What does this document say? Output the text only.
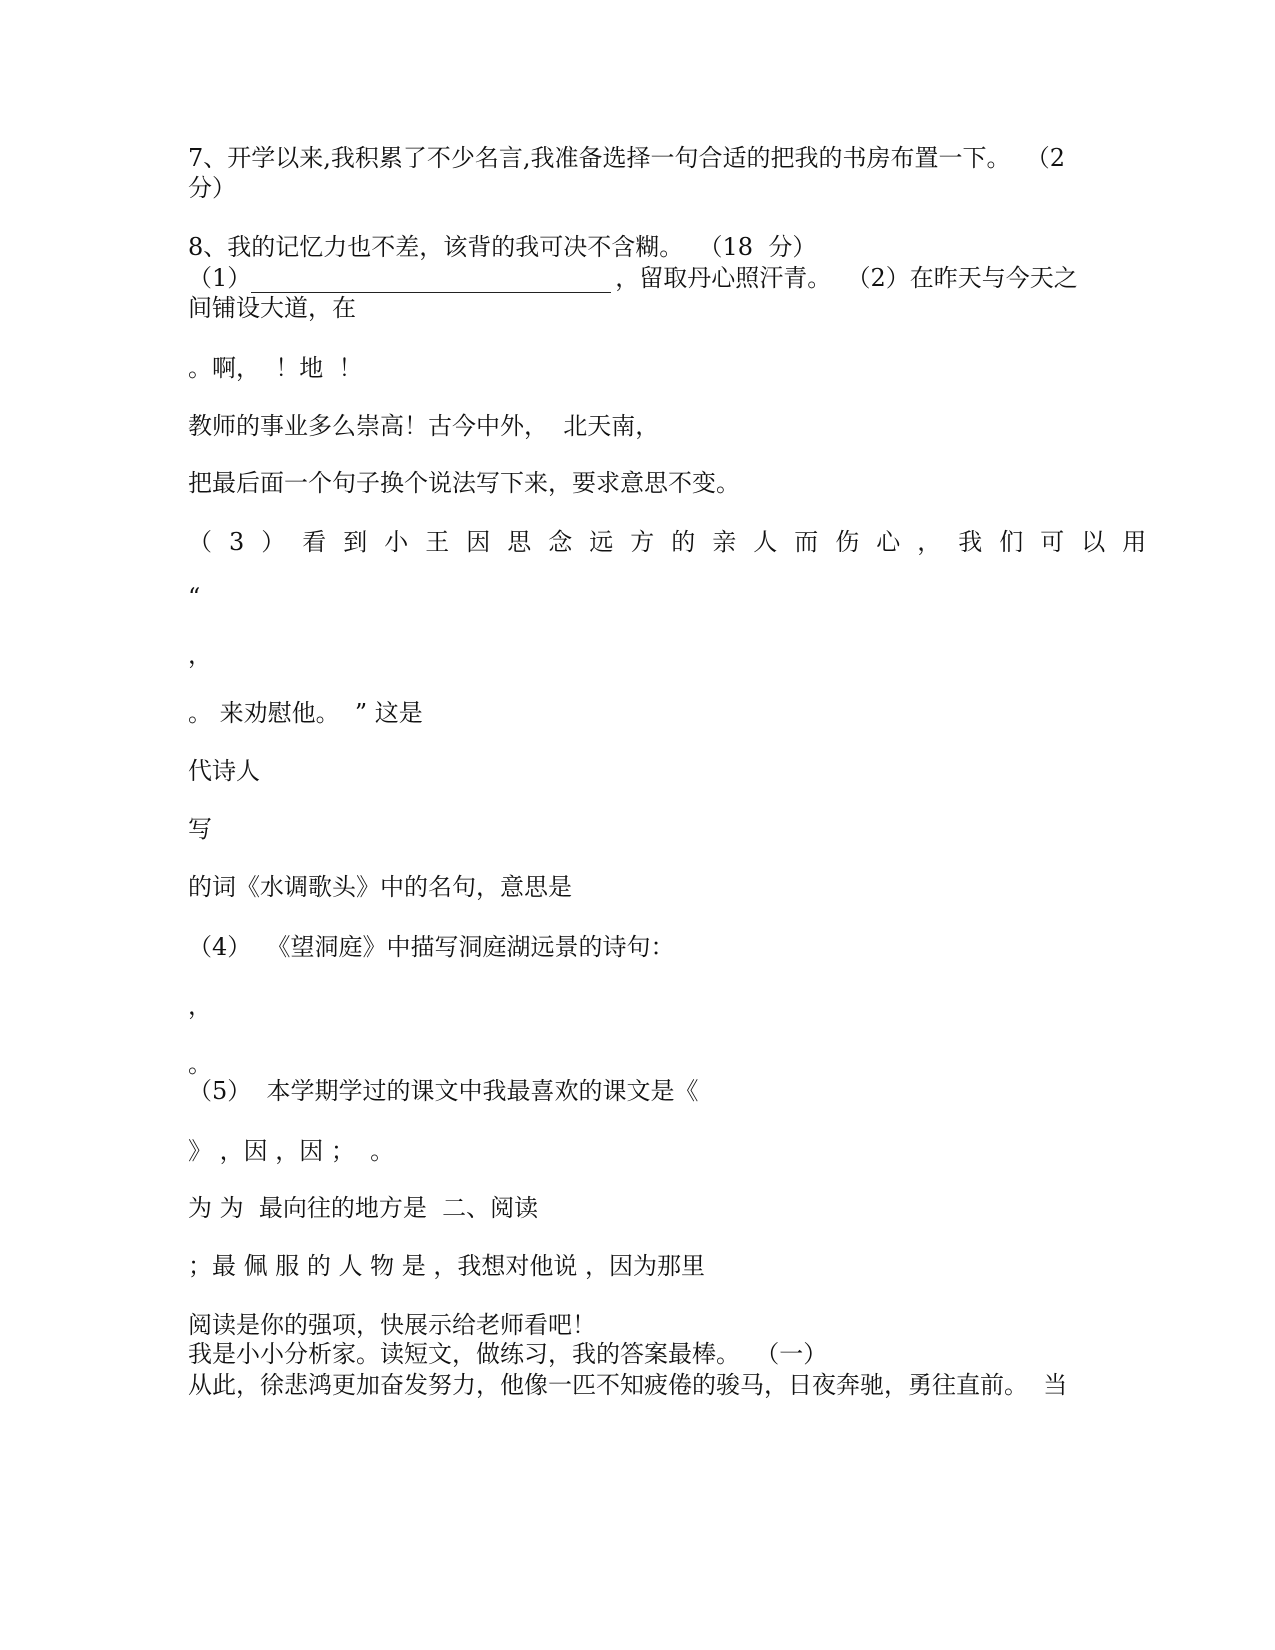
7、开学以来,我积累了不少名言,我准备选择一句合适的把我的书房布置一下。  （2
分）
8、我的记忆力也不差，该背的我可决不含糊。  （18  分）
（1）	，留取丹心照汗青。  （2）在昨天与今天之
间铺设大道，在
。啊，  ！地  ！
教师的事业多么崇高！古今中外，  北天南，
把最后面一个句子换个说法写下来，要求意思不变。
（3）看到小王因思念远方的亲人而伤心，我们可以用
“
，
。 来劝慰他。  ” 这是
代诗人
写
的词《水调歌头》中的名句，意思是
（4）  《望洞庭》中描写洞庭湖远景的诗句：
，
。
（5）  本学期学过的课文中我最喜欢的课文是《
》 ，因 ，因 ；  。
为 为  最向往的地方是  二、阅读
；最 佩 服 的 人 物 是 ，我想对他说 ，因为那里
阅读是你的强项，快展示给老师看吧！
我是小小分析家。读短文，做练习，我的答案最棒。  （一）
从此，徐悲鸿更加奋发努力，他像一匹不知疲倦的骏马，日夜奔驰，勇往直前。  当
